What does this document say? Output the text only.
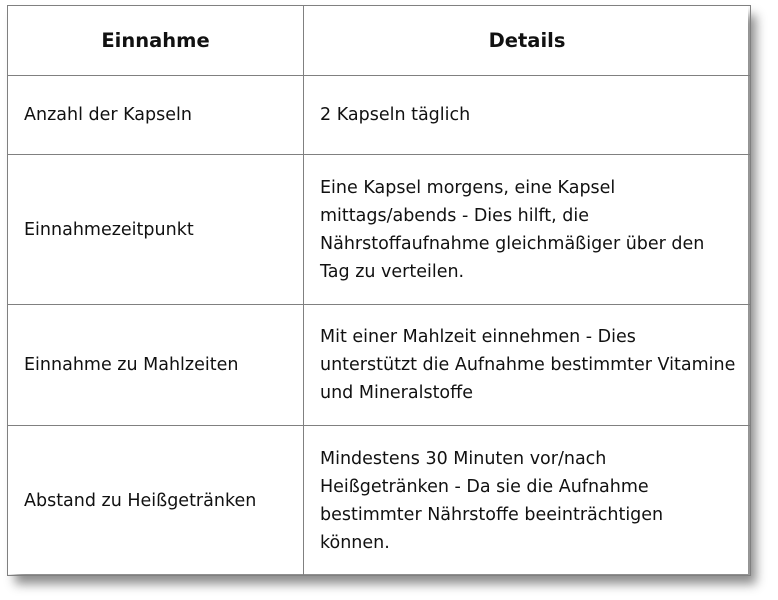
Einnahme	Details
Anzahl der Kapseln	2 Kapseln täglich
Einnahmezeitpunkt	Eine Kapsel morgens, eine Kapsel mittags/abends - Dies hilft, die Nährstoffaufnahme gleichmäßiger über den Tag zu verteilen.
Einnahme zu Mahlzeiten	Mit einer Mahlzeit einnehmen - Dies unterstützt die Aufnahme bestimmter Vitamine und Mineralstoffe
Abstand zu Heißgetränken	Mindestens 30 Minuten vor/nach Heißgetränken - Da sie die Aufnahme bestimmter Nährstoffe beeinträchtigen können.
